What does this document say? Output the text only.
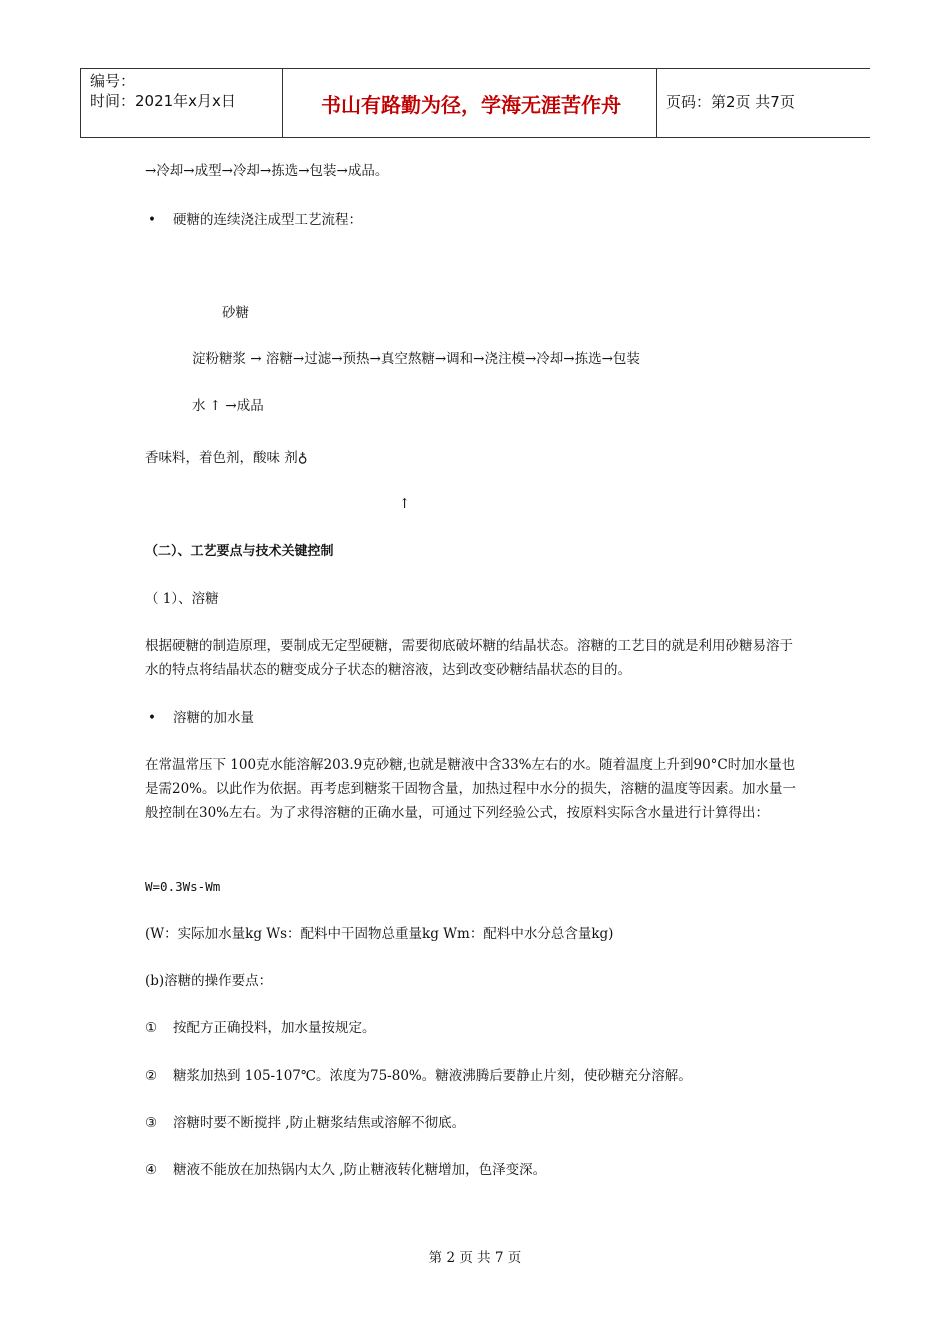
编号：
时间：2021年x月x日	书山有路勤为径，学海无涯苦作舟	页码：第2页 共7页
→冷却→成型→冷却→拣选→包装→成品。
• 硬糖的连续浇注成型工艺流程：
砂糖
淀粉糖浆 → 溶糖→过滤→预热→真空熬糖→调和→浇注模→冷却→拣选→包装
水 ↑ →成品
香味料，着色剂，酸味 剂♁
↑
（二）、工艺要点与技术关键控制
（ 1）、溶糖
根据硬糖的制造原理，要制成无定型硬糖，需要彻底破坏糖的结晶状态。溶糖的工艺目的就是利用砂糖易溶于水的特点将结晶状态的糖变成分子状态的糖溶液，达到改变砂糖结晶状态的目的。
• 溶糖的加水量
在常温常压下 100克水能溶解203.9克砂糖,也就是糖液中含33%左右的水。随着温度上升到90°C时加水量也是需20%。以此作为依据。再考虑到糖浆干固物含量，加热过程中水分的损失，溶糖的温度等因素。加水量一般控制在30%左右。为了求得溶糖的正确水量，可通过下列经验公式，按原料实际含水量进行计算得出：
W=0.3Ws-Wm
(W：实际加水量kg Ws：配料中干固物总重量kg Wm：配料中水分总含量kg)
(b)溶糖的操作要点：
① 按配方正确投料，加水量按规定。
② 糖浆加热到 105-107℃。浓度为75-80%。糖液沸腾后要静止片刻，使砂糖充分溶解。
③ 溶糖时要不断搅拌 ,防止糖浆结焦或溶解不彻底。
④ 糖液不能放在加热锅内太久 ,防止糖液转化糖增加，色泽变深。
第 2 页 共 7 页
